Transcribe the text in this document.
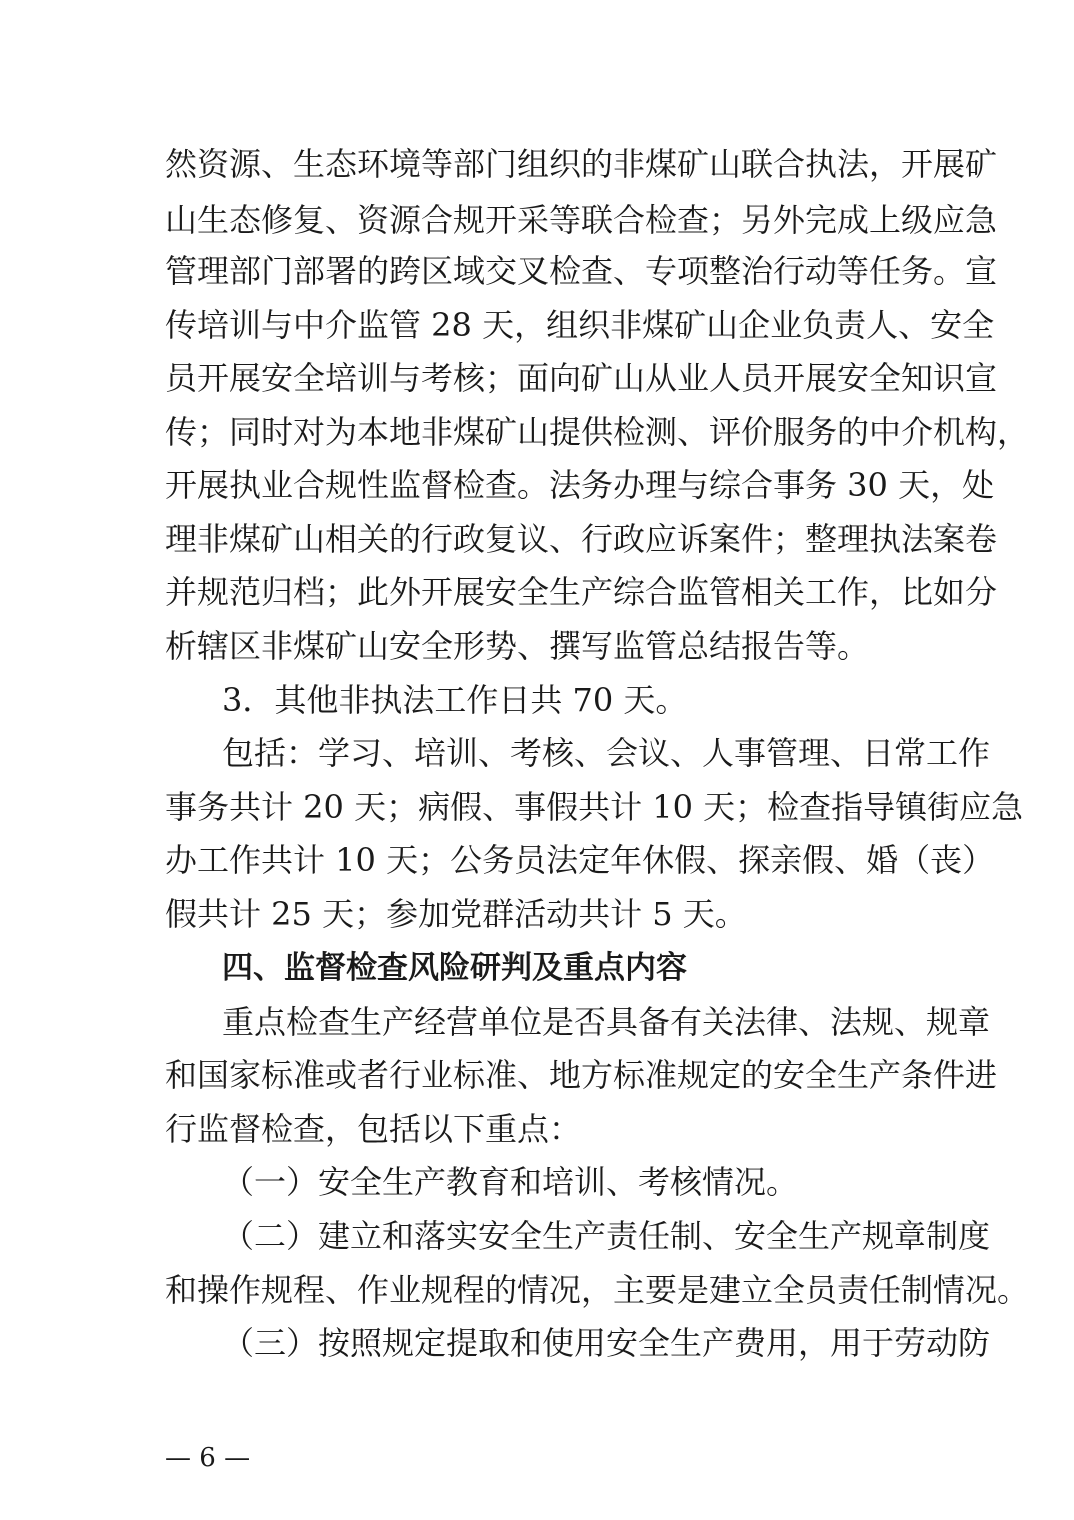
然资源、生态环境等部门组织的非煤矿山联合执法，开展矿
山生态修复、资源合规开采等联合检查；另外完成上级应急
管理部门部署的跨区域交叉检查、专项整治行动等任务。宣
传培训与中介监管 28 天，组织非煤矿山企业负责人、安全
员开展安全培训与考核；面向矿山从业人员开展安全知识宣
传；同时对为本地非煤矿山提供检测、评价服务的中介机构，
开展执业合规性监督检查。法务办理与综合事务 30 天，处
理非煤矿山相关的行政复议、行政应诉案件；整理执法案卷
并规范归档；此外开展安全生产综合监管相关工作，比如分
析辖区非煤矿山安全形势、撰写监管总结报告等。
3．其他非执法工作日共 70 天。
包括：学习、培训、考核、会议、人事管理、日常工作
事务共计 20 天；病假、事假共计 10 天；检查指导镇街应急
办工作共计 10 天；公务员法定年休假、探亲假、婚（丧）
假共计 25 天；参加党群活动共计 5 天。
四、监督检查风险研判及重点内容
重点检查生产经营单位是否具备有关法律、法规、规章
和国家标准或者行业标准、地方标准规定的安全生产条件进
行监督检查，包括以下重点：
（一）安全生产教育和培训、考核情况。
（二）建立和落实安全生产责任制、安全生产规章制度
和操作规程、作业规程的情况，主要是建立全员责任制情况。
（三）按照规定提取和使用安全生产费用，用于劳动防
— 6 —
